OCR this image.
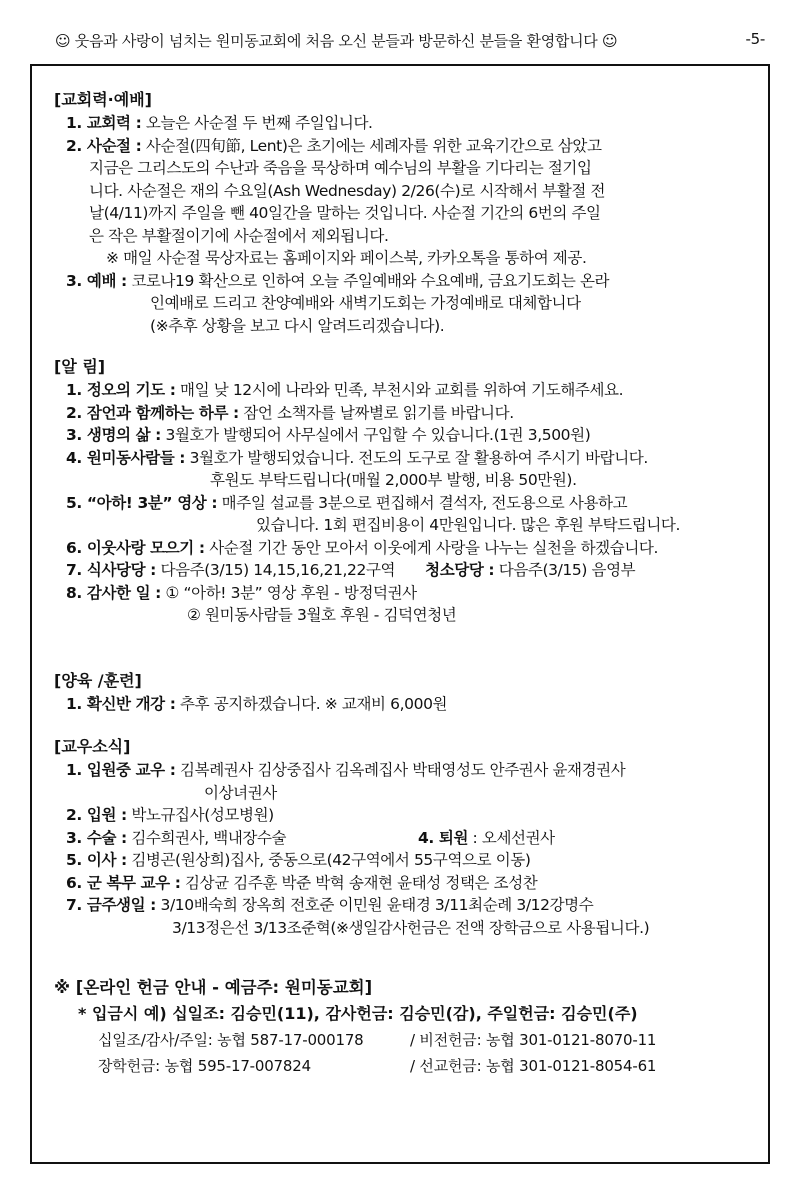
☺ 웃음과 사랑이 넘치는 원미동교회에 처음 오신 분들과 방문하신 분들을 환영합니다 ☺	-5-
[교회력·예배]
1. 교회력 : 오늘은 사순절 두 번째 주일입니다.
2. 사순절 : 사순절(四旬節, Lent)은 초기에는 세례자를 위한 교육기간으로 삼았고
지금은 그리스도의 수난과 죽음을 묵상하며 예수님의 부활을 기다리는 절기입
니다. 사순절은 재의 수요일(Ash Wednesday) 2/26(수)로 시작해서 부활절 전
날(4/11)까지 주일을 뺀 40일간을 말하는 것입니다. 사순절 기간의 6번의 주일
은 작은 부활절이기에 사순절에서 제외됩니다.
※ 매일 사순절 묵상자료는 홈페이지와 페이스북, 카카오톡을 통하여 제공.
3. 예배 : 코로나19 확산으로 인하여 오늘 주일예배와 수요예배, 금요기도회는 온라
인예배로 드리고 찬양예배와 새벽기도회는 가정예배로 대체합니다
(※추후 상황을 보고 다시 알려드리겠습니다).
[알 림]
1. 정오의 기도 : 매일 낮 12시에 나라와 민족, 부천시와 교회를 위하여 기도해주세요.
2. 잠언과 함께하는 하루 : 잠언 소책자를 날짜별로 읽기를 바랍니다.
3. 생명의 삶 : 3월호가 발행되어 사무실에서 구입할 수 있습니다.(1권 3,500원)
4. 원미동사람들 : 3월호가 발행되었습니다. 전도의 도구로 잘 활용하여 주시기 바랍니다.
후원도 부탁드립니다(매월 2,000부 발행, 비용 50만원).
5. “아하! 3분” 영상 : 매주일 설교를 3분으로 편집해서 결석자, 전도용으로 사용하고
있습니다. 1회 편집비용이 4만원입니다. 많은 후원 부탁드립니다.
6. 이웃사랑 모으기 : 사순절 기간 동안 모아서 이웃에게 사랑을 나누는 실천을 하겠습니다.
7. 식사당당 : 다음주(3/15) 14,15,16,21,22구역 청소당당 : 다음주(3/15) 음영부
8. 감사한 일 : ① “아하! 3분” 영상 후원 - 방정덕권사
② 원미동사람들 3월호 후원 - 김덕연청년
[양육 /훈련]
1. 확신반 개강 : 추후 공지하겠습니다. ※ 교재비 6,000원
[교우소식]
1. 입원중 교우 : 김복례권사 김상중집사 김옥례집사 박태영성도 안주권사 윤재경권사
이상녀권사
2. 입원 : 박노규집사(성모병원)
3. 수술 : 김수희권사, 백내장수술	4. 퇴원 : 오세선권사
5. 이사 : 김병곤(원상희)집사, 중동으로(42구역에서 55구역으로 이동)
6. 군 복무 교우 : 김상균 김주훈 박준 박혁 송재현 윤태성 정택은 조성찬
7. 금주생일 : 3/10배숙희 장옥희 전호준 이민원 윤태경 3/11최순례 3/12강명수
3/13정은선 3/13조준혁(※생일감사헌금은 전액 장학금으로 사용됩니다.)
※ [온라인 헌금 안내 - 예금주: 원미동교회]
* 입금시 예) 십일조: 김승민(11), 감사헌금: 김승민(감), 주일헌금: 김승민(주)
십일조/감사/주일: 농협 587-17-000178	/ 비전헌금: 농협 301-0121-8070-11
장학헌금: 농협 595-17-007824	/ 선교헌금: 농협 301-0121-8054-61
